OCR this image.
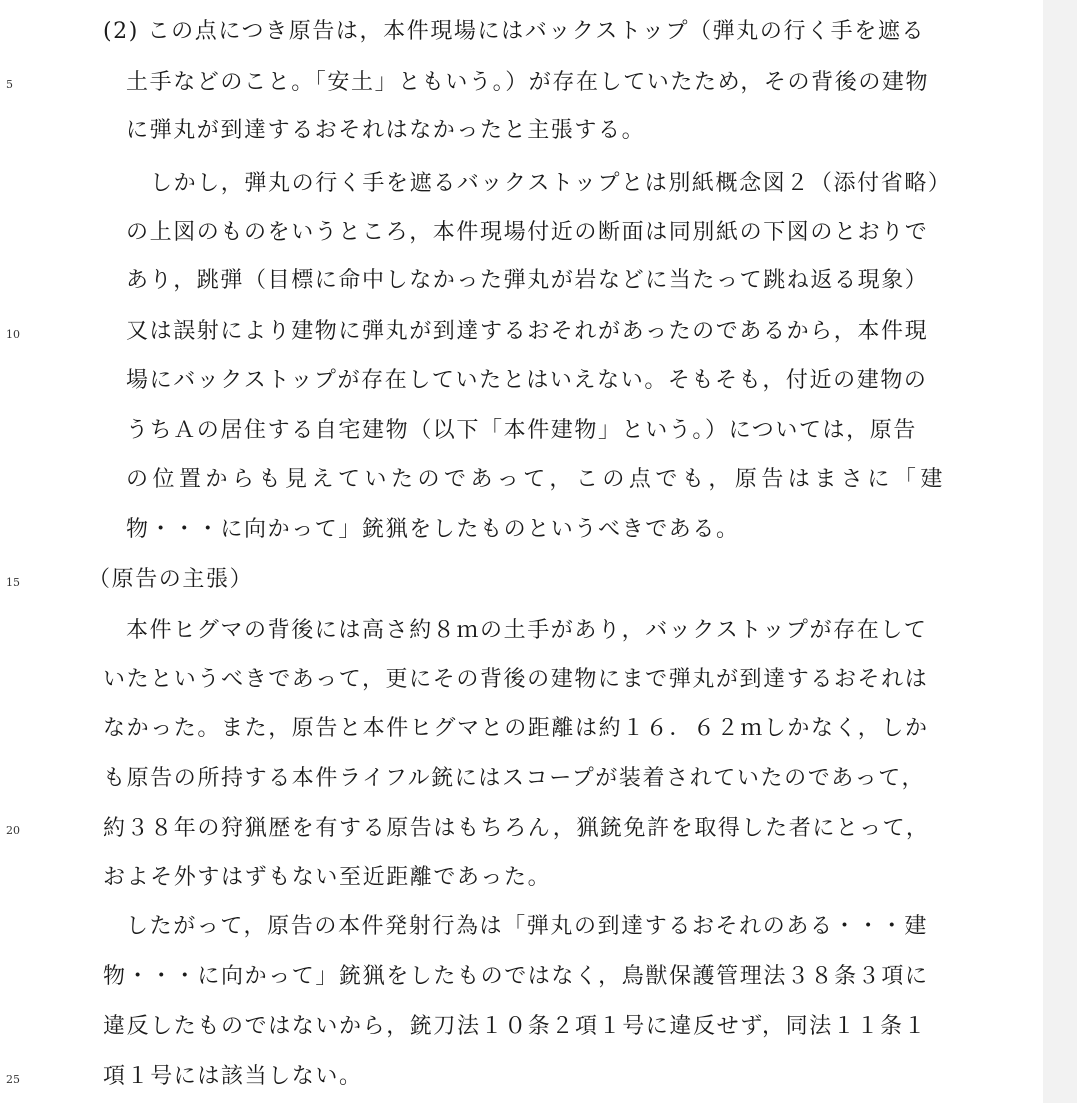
(2) この点につき原告は，本件現場にはバックストップ（弾丸の行く手を遮る
土手などのこと。「安土」ともいう。）が存在していたため，その背後の建物
に弾丸が到達するおそれはなかったと主張する。
しかし，弾丸の行く手を遮るバックストップとは別紙概念図２（添付省略）
の上図のものをいうところ，本件現場付近の断面は同別紙の下図のとおりで
あり，跳弾（目標に命中しなかった弾丸が岩などに当たって跳ね返る現象）
又は誤射により建物に弾丸が到達するおそれがあったのであるから，本件現
場にバックストップが存在していたとはいえない。そもそも，付近の建物の
うちＡの居住する自宅建物（以下「本件建物」という。）については，原告
の位置からも見えていたのであって，この点でも，原告はまさに「建
物・・・に向かって」銃猟をしたものというべきである。
（原告の主張）
本件ヒグマの背後には高さ約８ｍの土手があり，バックストップが存在して
いたというべきであって，更にその背後の建物にまで弾丸が到達するおそれは
なかった。また，原告と本件ヒグマとの距離は約１６．６２ｍしかなく，しか
も原告の所持する本件ライフル銃にはスコープが装着されていたのであって，
約３８年の狩猟歴を有する原告はもちろん，猟銃免許を取得した者にとって，
およそ外すはずもない至近距離であった。
したがって，原告の本件発射行為は「弾丸の到達するおそれのある・・・建
物・・・に向かって」銃猟をしたものではなく，鳥獣保護管理法３８条３項に
違反したものではないから，銃刀法１０条２項１号に違反せず，同法１１条１
項１号には該当しない。
5
10
15
20
25
